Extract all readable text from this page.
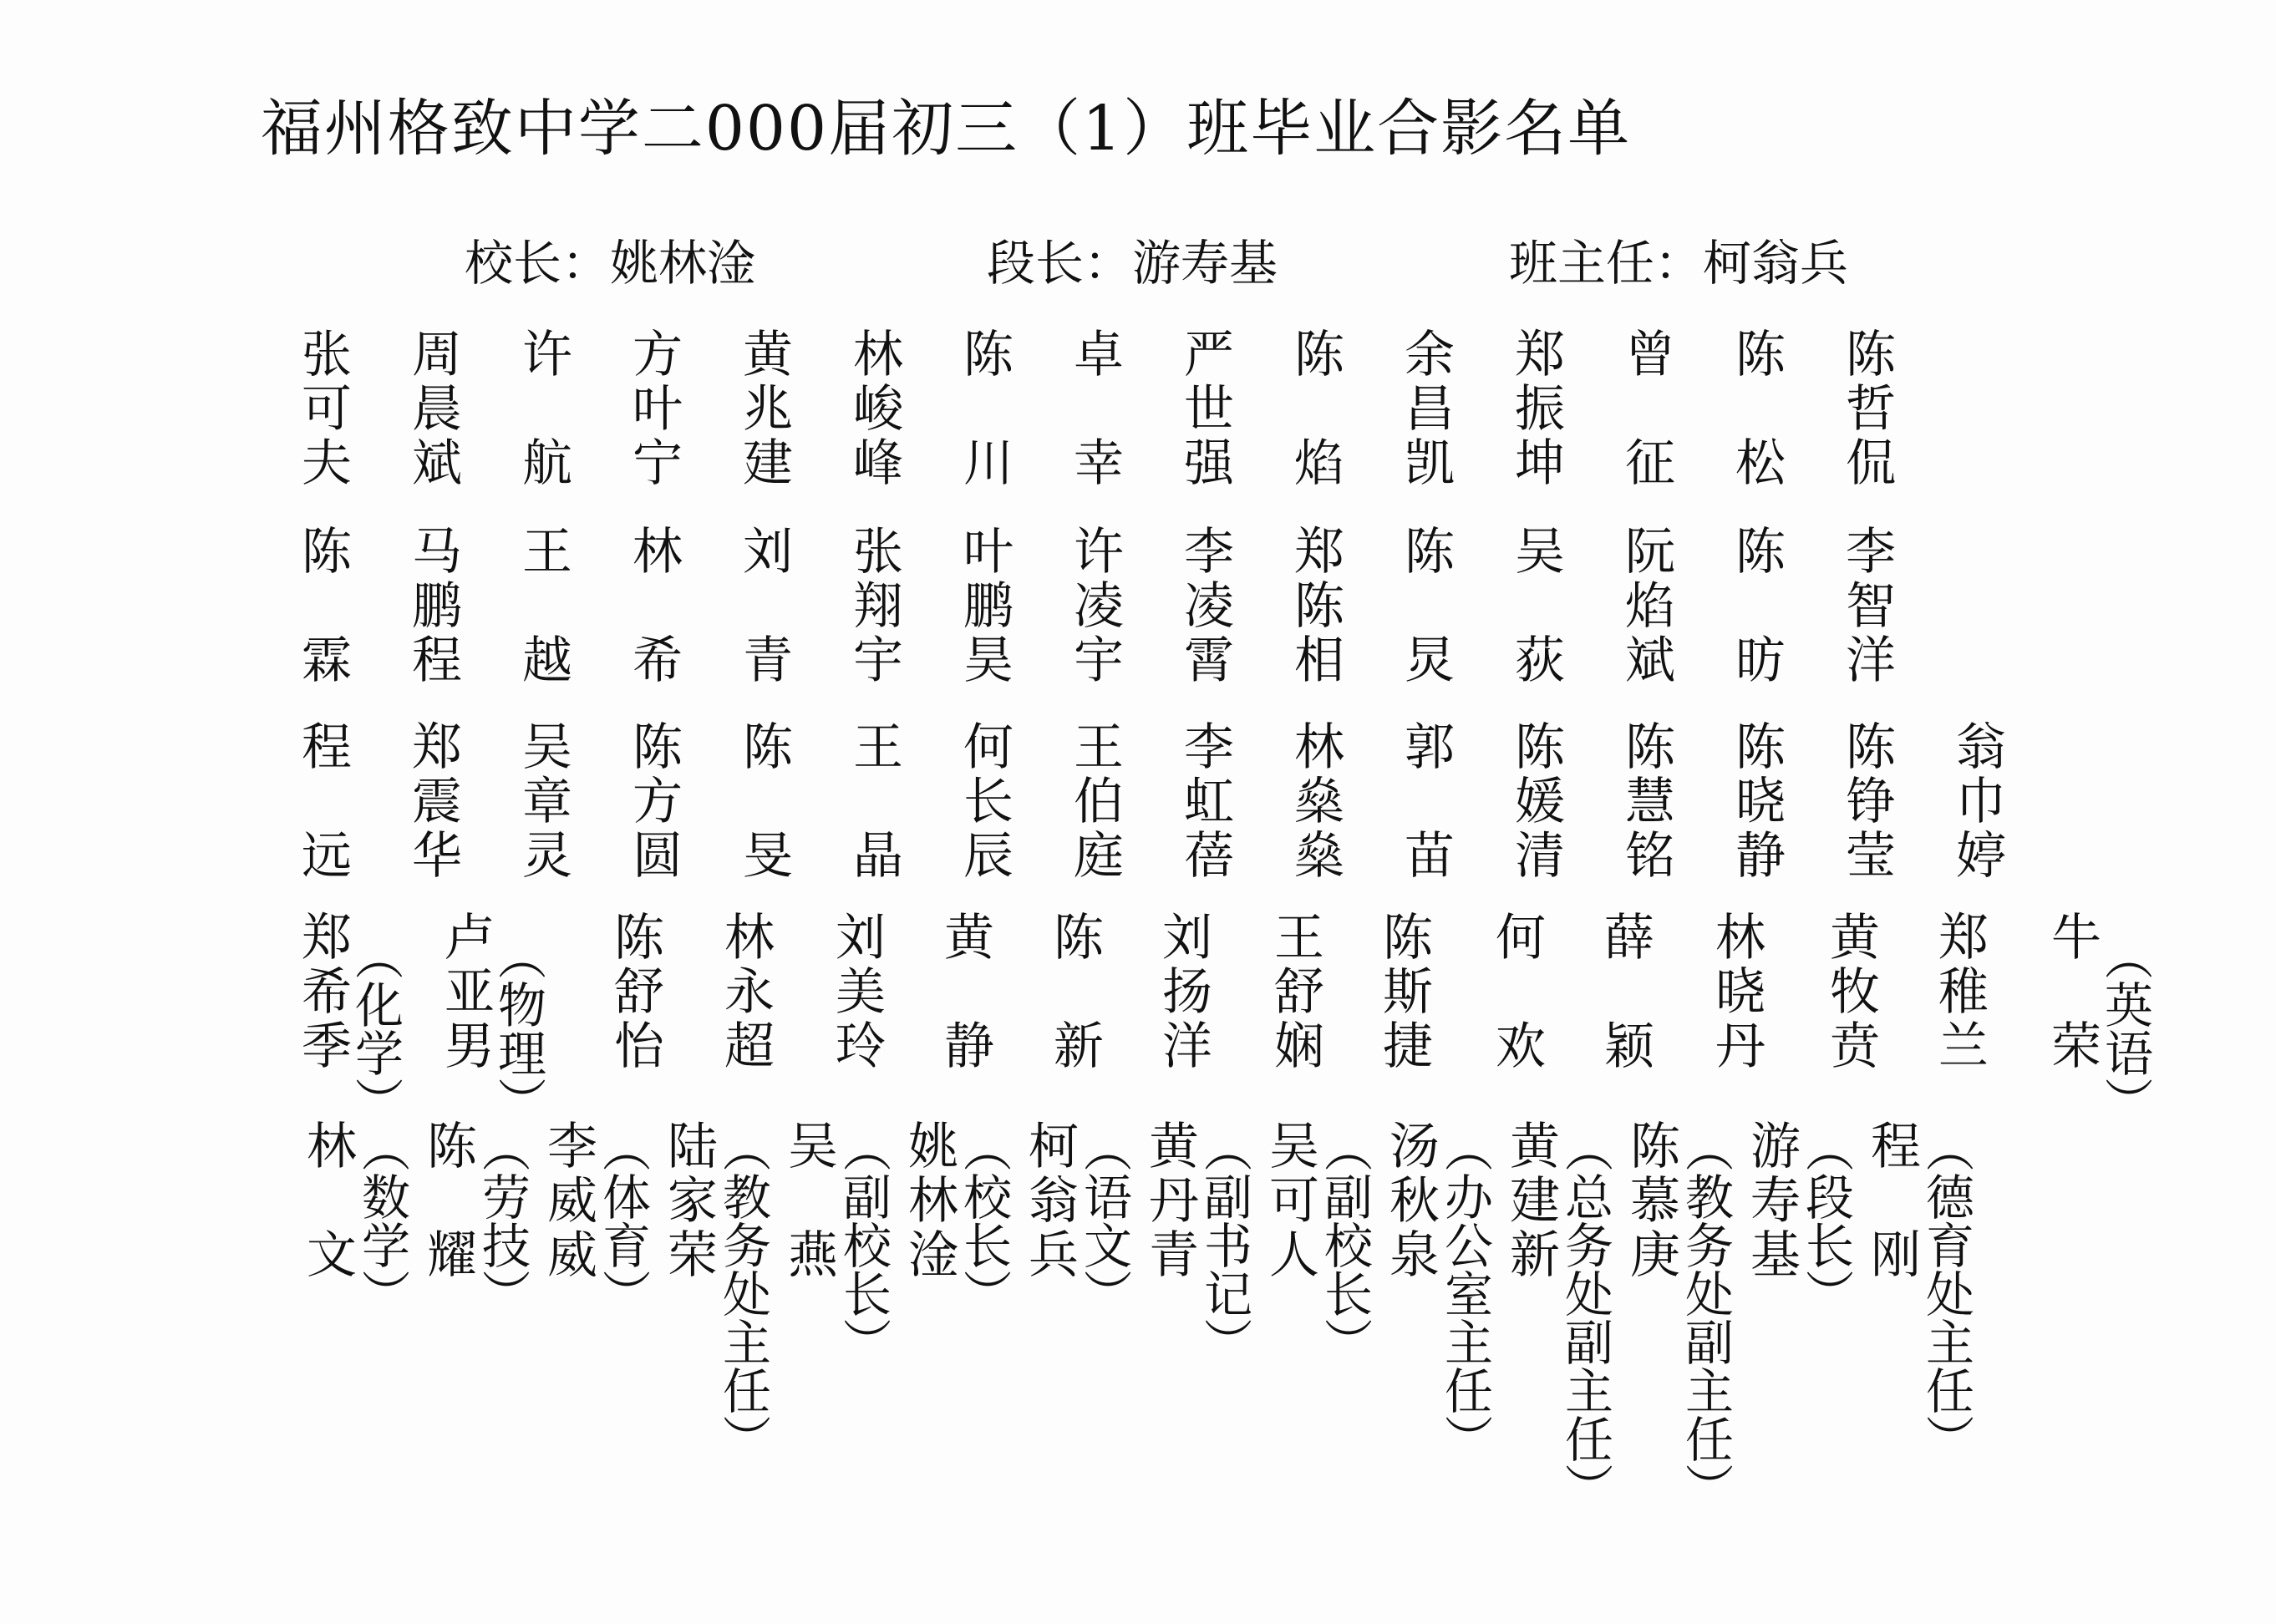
福州格致中学二000届初三（1）班毕业合影名单
校长：姚林淦	段长：游寿基	班主任：柯翁兵
张可夫 周晨斌 许航 方叶宁 黄兆建 林峻峰 陈川 卓幸 严世强 陈焰 余昌凯 郑振坤 曾征 陈松 陈哲侃
陈霖 马鹏程 王越 林希 刘青 张翔宇 叶鹏昊 许凌宇 李凌霄 郑陈相 陈炅 吴荻 阮焰斌 陈昉 李智洋
程远 郑震华 吴章灵 陈方圆 陈旻 王晶 何长辰 王伯庭 李虹蓓 林燊燊 郭苗 陈媛清 陈慧铭 陈晓静 陈铮莹 翁巾婷
郑希季
（化学） 卢亚男
（物理） 陈舒怡 林永超 刘美玲 黄静 陈新 刘扬洋 王舒娴 陈斯捷 何欢 薛颖 林晓丹 黄牧贲 郑稚兰 牛荣
（英语）
林文
（数学） 陈耀
（劳技） 李威威
（体育） 陆家荣
（教务处主任） 吴燕
（副校长） 姚林淦
（校长） 柯翁兵
（语文） 黄丹青
（副书记） 吴可人
（副校长） 汤秋泉
（办公室主任） 黄建新
（总务处副主任） 陈慕庚
（教务处副主任） 游寿基
（段长） 程刚
（德育处主任）
